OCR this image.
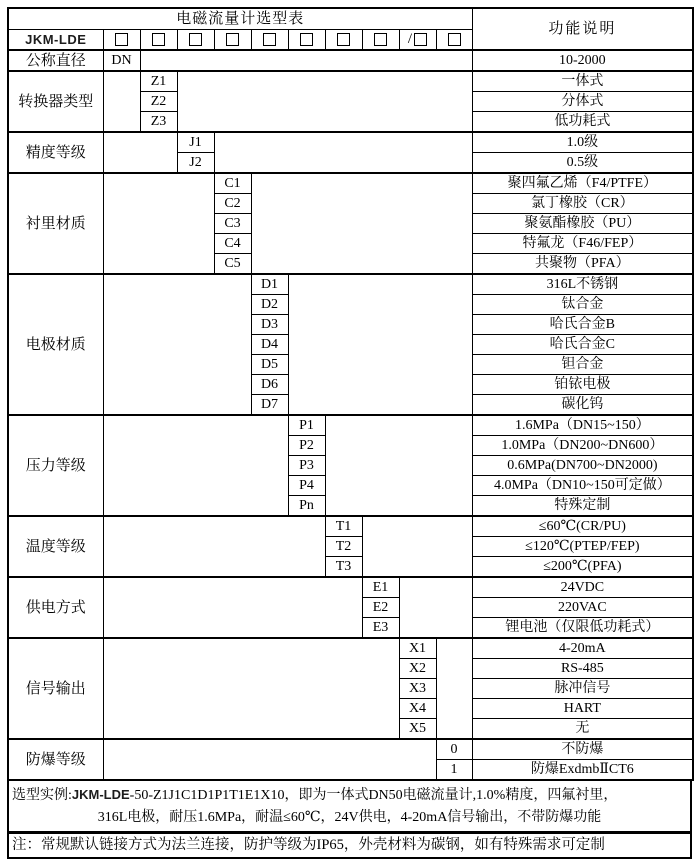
电磁流量计选型表											功能说明
JKM-LDE									/		
公称直径	DN										10-2000
转换器类型		Z1									一体式
		Z2									分体式
		Z3									低功耗式
精度等级			J1								1.0级
			J2								0.5级
衬里材质				C1							聚四氟乙烯（F4/PTFE）
				C2							氯丁橡胶（CR）
				C3							聚氨酯橡胶（PU）
				C4							特氟龙（F46/FEP）
				C5							共聚物（PFA）
电极材质					D1						316L不锈钢
					D2						钛合金
					D3						哈氏合金B
					D4						哈氏合金C
					D5						钽合金
					D6						铂铱电极
					D7						碳化钨
压力等级						P1					1.6MPa（DN15~150）
						P2					1.0MPa（DN200~DN600）
						P3					0.6MPa(DN700~DN2000)
						P4					4.0MPa（DN10~150可定做）
						Pn					特殊定制
温度等级							T1				≤60℃(CR/PU)
							T2				≤120℃(PTEP/FEP)
							T3				≤200℃(PFA)
供电方式								E1			24VDC
								E2			220VAC
								E3			锂电池（仅限低功耗式）
信号输出									X1		4-20mA
									X2		RS-485
									X3		脉冲信号
									X4		HART
									X5		无
防爆等级										0	不防爆
										1	防爆ExdmbⅡCT6
选型实例:JKM-LDE-50-Z1J1C1D1P1T1E1X10，即为一体式DN50电磁流量计,1.0%精度，四氟衬里，
316L电极，耐压1.6MPa，耐温≤60℃，24V供电，4-20mA信号输出，不带防爆功能
注：常规默认链接方式为法兰连接，防护等级为IP65，外壳材料为碳钢，如有特殊需求可定制
